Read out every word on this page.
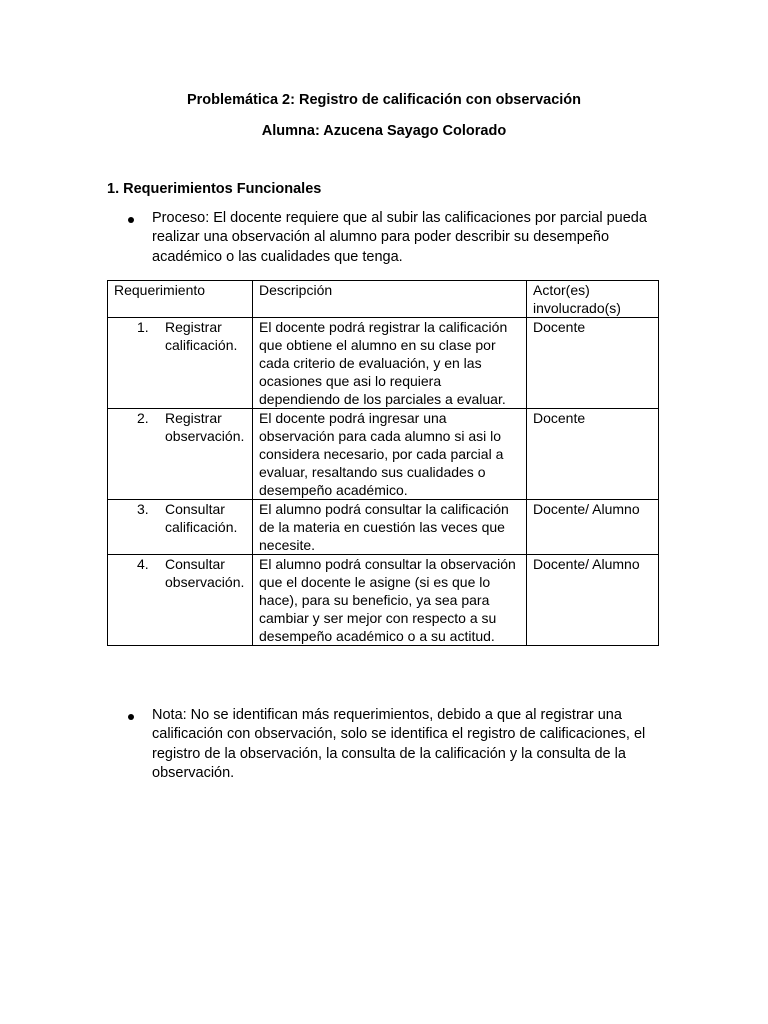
Problemática 2: Registro de calificación con observación
Alumna: Azucena Sayago Colorado
1. Requerimientos Funcionales
Proceso: El docente requiere que al subir las calificaciones por parcial pueda realizar una observación al alumno para poder describir su desempeño académico o las cualidades que tenga.
Requerimiento	Descripción	Actor(es) involucrado(s)

1. Registrar calificación.	El docente podrá registrar la calificación que obtiene el alumno en su clase por cada criterio de evaluación, y en las ocasiones que asi lo requiera dependiendo de los parciales a evaluar.	Docente

2. Registrar observación.	El docente podrá ingresar una observación para cada alumno si asi lo considera necesario, por cada parcial a evaluar, resaltando sus cualidades o desempeño académico.	Docente

3. Consultar calificación.	El alumno podrá consultar la calificación de la materia en cuestión las veces que necesite.	Docente/ Alumno

4. Consultar observación.	El alumno podrá consultar la observación que el docente le asigne (si es que lo hace), para su beneficio, ya sea para cambiar y ser mejor con respecto a su desempeño académico o a su actitud.	Docente/ Alumno
Nota: No se identifican más requerimientos, debido a que al registrar una calificación con observación, solo se identifica el registro de calificaciones, el registro de la observación, la consulta de la calificación y la consulta de la observación.
